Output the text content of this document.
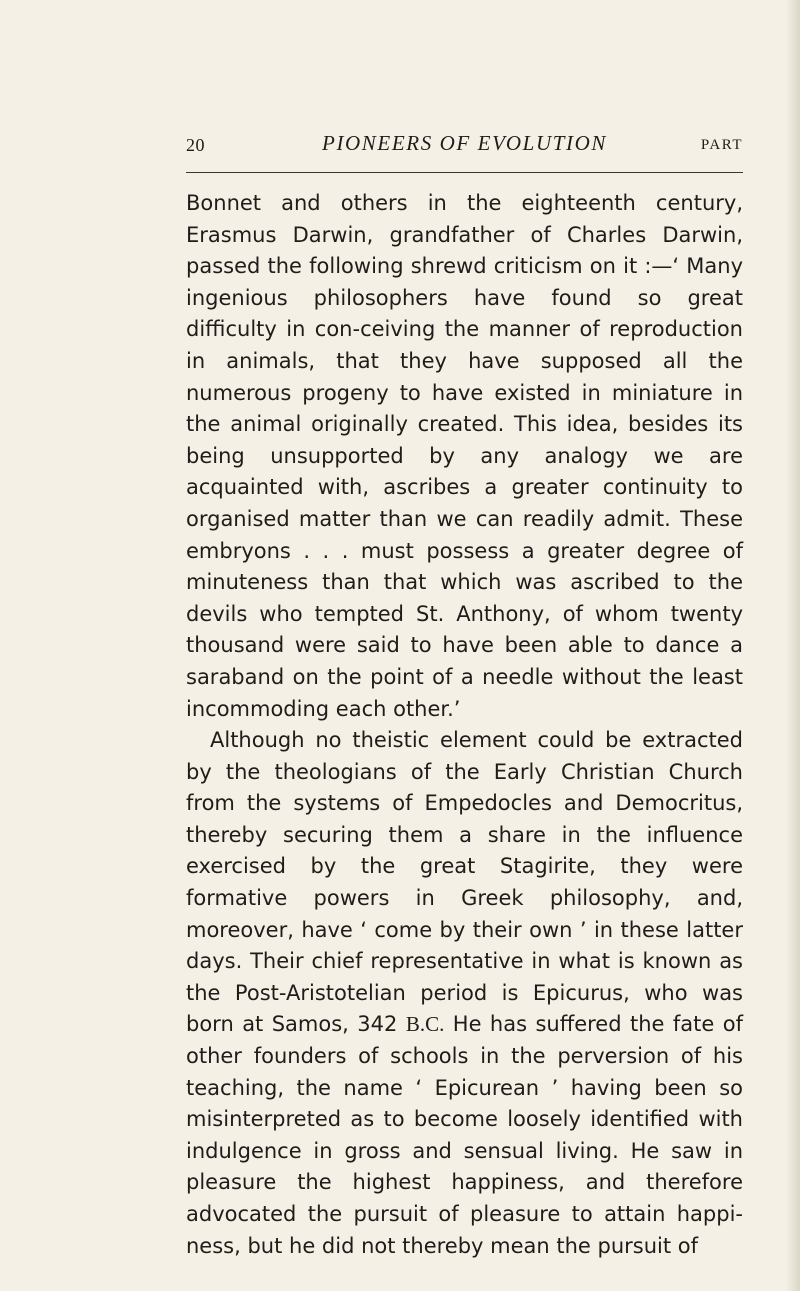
20	PIONEERS OF EVOLUTION	PART

Bonnet and others in the eighteenth century, Erasmus Darwin, grandfather of Charles Darwin, passed the following shrewd criticism on it :—‘ Many ingenious philosophers have found so great difficulty in con-ceiving the manner of reproduction in animals, that they have supposed all the numerous progeny to have existed in miniature in the animal originally created. This idea, besides its being unsupported by any analogy we are acquainted with, ascribes a greater continuity to organised matter than we can readily admit. These embryons . . . must possess a greater degree of minuteness than that which was ascribed to the devils who tempted St. Anthony, of whom twenty thousand were said to have been able to dance a saraband on the point of a needle without the least incommoding each other.’

Although no theistic element could be extracted by the theologians of the Early Christian Church from the systems of Empedocles and Democritus, thereby securing them a share in the influence exercised by the great Stagirite, they were formative powers in Greek philosophy, and, moreover, have ‘ come by their own ’ in these latter days. Their chief representative in what is known as the Post-Aristotelian period is Epicurus, who was born at Samos, 342 B.C. He has suffered the fate of other founders of schools in the perversion of his teaching, the name ‘ Epicurean ’ having been so misinterpreted as to become loosely identified with indulgence in gross and sensual living. He saw in pleasure the highest happiness, and therefore advocated the pursuit of pleasure to attain happi-ness, but he did not thereby mean the pursuit of
